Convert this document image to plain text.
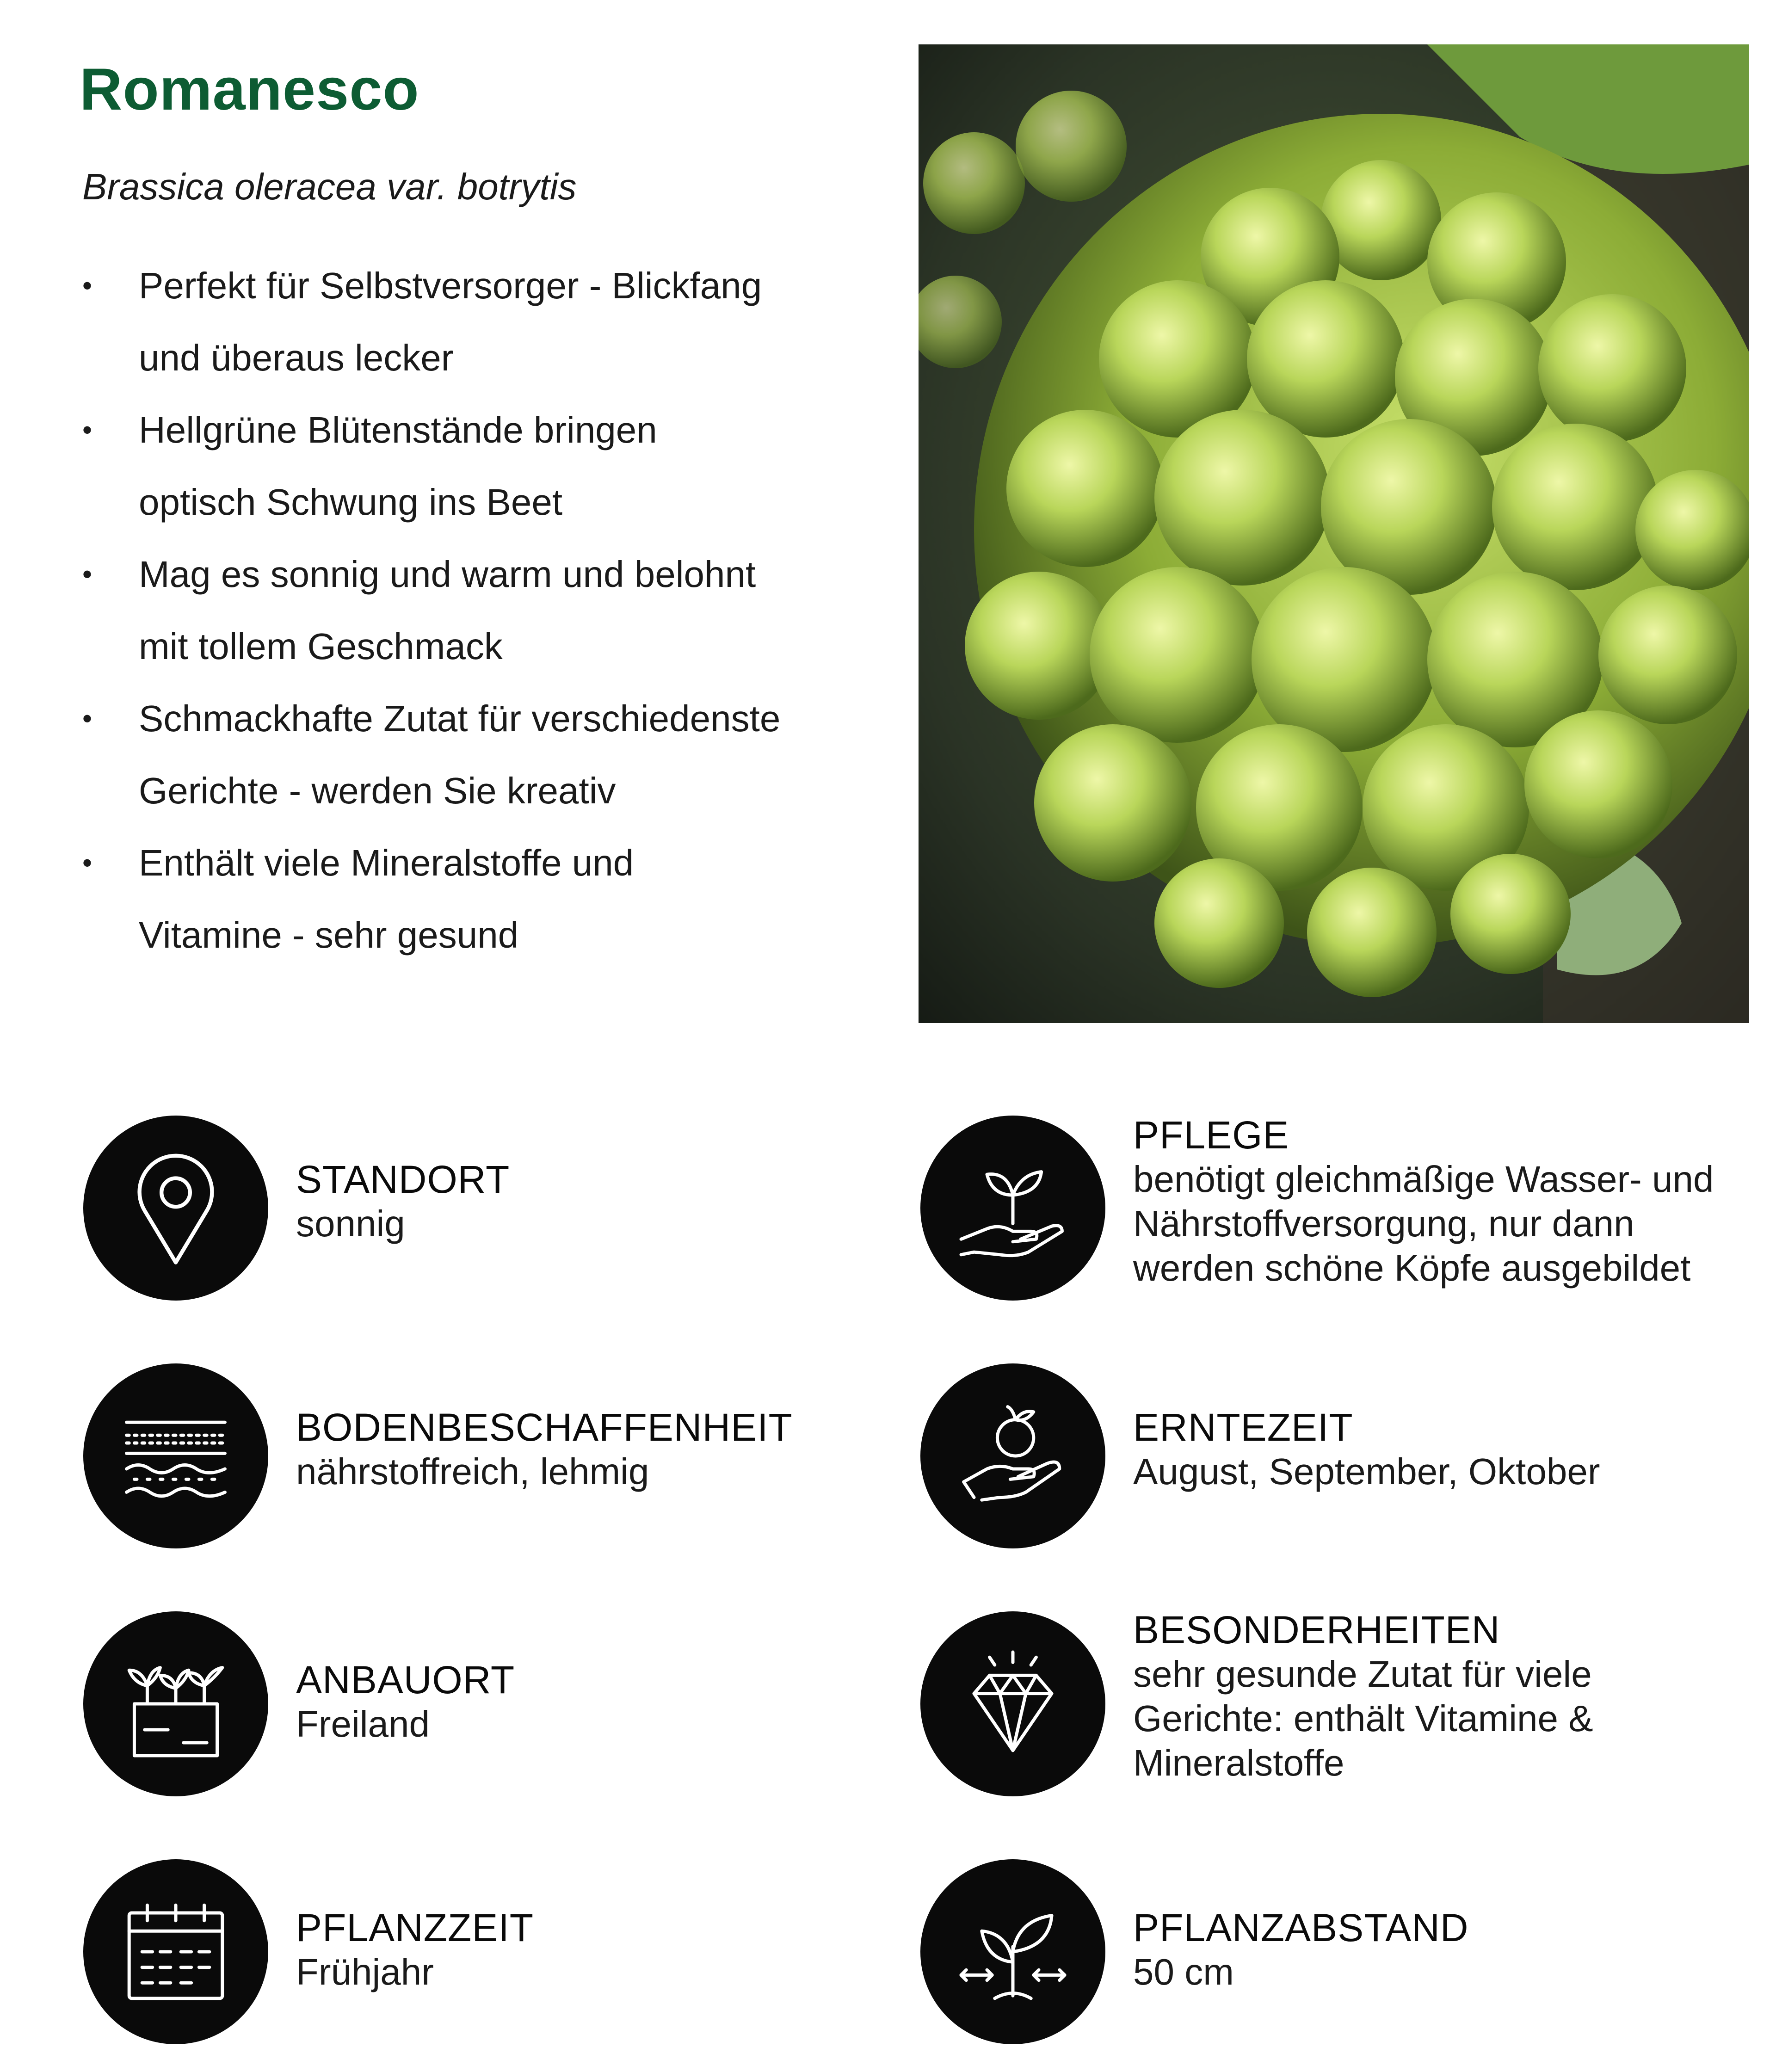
Romanesco
Brassica oleracea var. botrytis
• Perfekt für Selbstversorger - Blickfang
und überaus lecker
• Hellgrüne Blütenstände bringen
optisch Schwung ins Beet
• Mag es sonnig und warm und belohnt
mit tollem Geschmack
• Schmackhafte Zutat für verschiedenste
Gerichte - werden Sie kreativ
• Enthält viele Mineralstoffe und
Vitamine - sehr gesund
STANDORT
sonnig
BODENBESCHAFFENHEIT
nährstoffreich, lehmig
ANBAUORT
Freiland
PFLANZZEIT
Frühjahr
PFLEGE
benötigt gleichmäßige Wasser- und
Nährstoffversorgung, nur dann
werden schöne Köpfe ausgebildet
ERNTEZEIT
August, September, Oktober
BESONDERHEITEN
sehr gesunde Zutat für viele
Gerichte: enthält Vitamine &
Mineralstoffe
PFLANZABSTAND
50 cm
